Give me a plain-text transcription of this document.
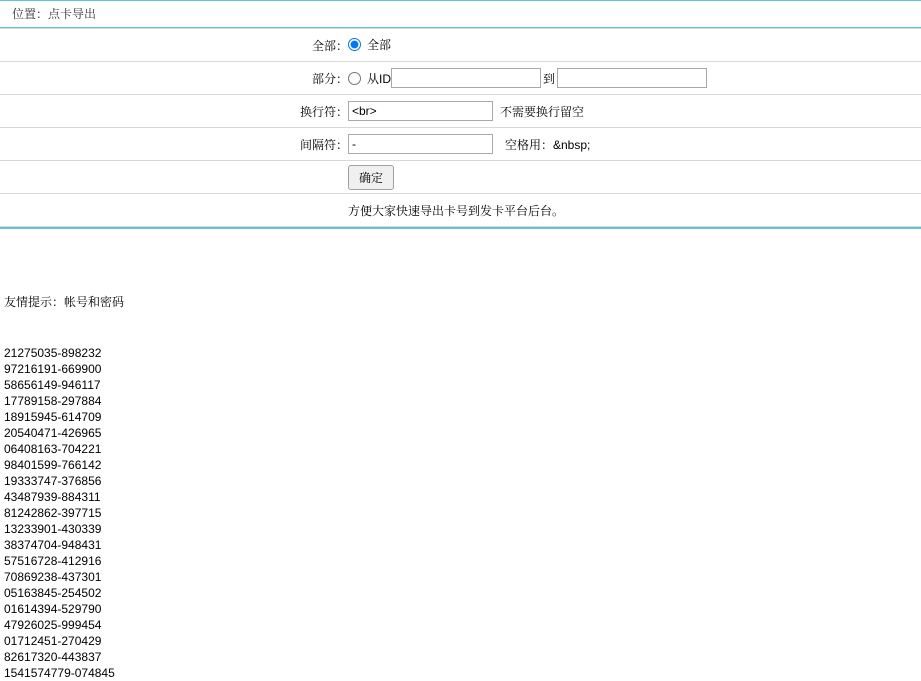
位置：点卡导出
全部：	全部

部分：	从ID 到

换行符：	
<br>不需要换行留空

间隔符：	
-空格用：&nbsp;

	确定
	方便大家快速导出卡号到发卡平台后台。
友情提示：帐号和密码
21275035-898232
97216191-669900
58656149-946117
17789158-297884
18915945-614709
20540471-426965
06408163-704221
98401599-766142
19333747-376856
43487939-884311
81242862-397715
13233901-430339
38374704-948431
57516728-412916
70869238-437301
05163845-254502
01614394-529790
47926025-999454
01712451-270429
82617320-443837
1541574779-074845
